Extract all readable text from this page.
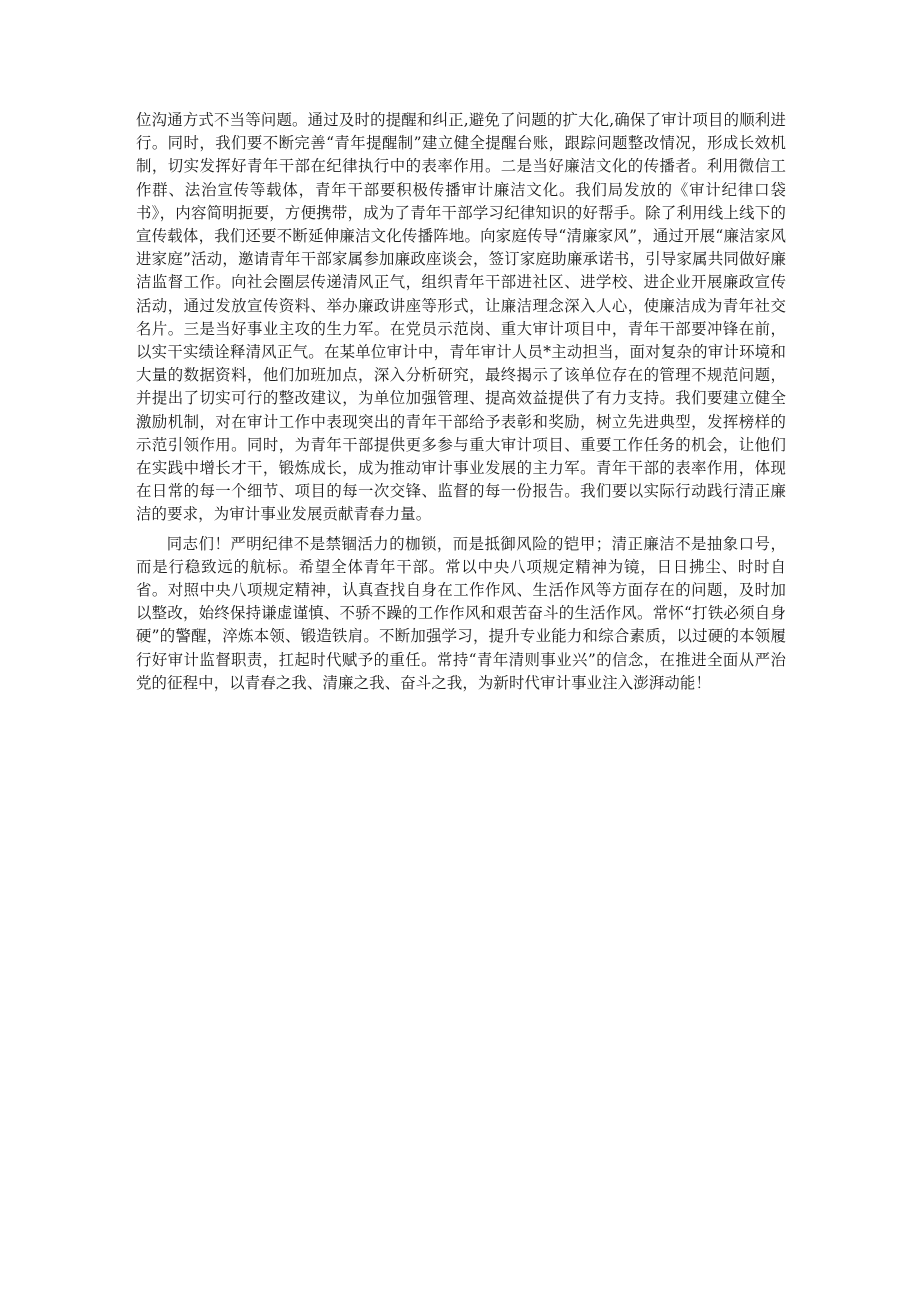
位沟通方式不当等问题。通过及时的提醒和纠正,避免了问题的扩大化,确保了审计项目的顺利进行。同时，我们要不断完善“青年提醒制”建立健全提醒台账，跟踪问题整改情况，形成长效机制，切实发挥好青年干部在纪律执行中的表率作用。二是当好廉洁文化的传播者。利用微信工作群、法治宣传等载体，青年干部要积极传播审计廉洁文化。我们局发放的《审计纪律口袋书》，内容简明扼要，方便携带，成为了青年干部学习纪律知识的好帮手。除了利用线上线下的宣传载体，我们还要不断延伸廉洁文化传播阵地。向家庭传导“清廉家风”，通过开展“廉洁家风进家庭”活动，邀请青年干部家属参加廉政座谈会，签订家庭助廉承诺书，引导家属共同做好廉洁监督工作。向社会圈层传递清风正气，组织青年干部进社区、进学校、进企业开展廉政宣传活动，通过发放宣传资料、举办廉政讲座等形式，让廉洁理念深入人心，使廉洁成为青年社交名片。三是当好事业主攻的生力军。在党员示范岗、重大审计项目中，青年干部要冲锋在前，以实干实绩诠释清风正气。在某单位审计中，青年审计人员*主动担当，面对复杂的审计环境和大量的数据资料，他们加班加点，深入分析研究，最终揭示了该单位存在的管理不规范问题，并提出了切实可行的整改建议，为单位加强管理、提高效益提供了有力支持。我们要建立健全激励机制，对在审计工作中表现突出的青年干部给予表彰和奖励，树立先进典型，发挥榜样的示范引领作用。同时，为青年干部提供更多参与重大审计项目、重要工作任务的机会，让他们在实践中增长才干，锻炼成长，成为推动审计事业发展的主力军。青年干部的表率作用，体现在日常的每一个细节、项目的每一次交锋、监督的每一份报告。我们要以实际行动践行清正廉洁的要求，为审计事业发展贡献青春力量。

同志们！严明纪律不是禁锢活力的枷锁，而是抵御风险的铠甲；清正廉洁不是抽象口号，而是行稳致远的航标。希望全体青年干部。常以中央八项规定精神为镜，日日拂尘、时时自省。对照中央八项规定精神，认真查找自身在工作作风、生活作风等方面存在的问题，及时加以整改，始终保持谦虚谨慎、不骄不躁的工作作风和艰苦奋斗的生活作风。常怀“打铁必须自身硬”的警醒，淬炼本领、锻造铁肩。不断加强学习，提升专业能力和综合素质，以过硬的本领履行好审计监督职责，扛起时代赋予的重任。常持“青年清则事业兴”的信念，在推进全面从严治党的征程中，以青春之我、清廉之我、奋斗之我，为新时代审计事业注入澎湃动能！
